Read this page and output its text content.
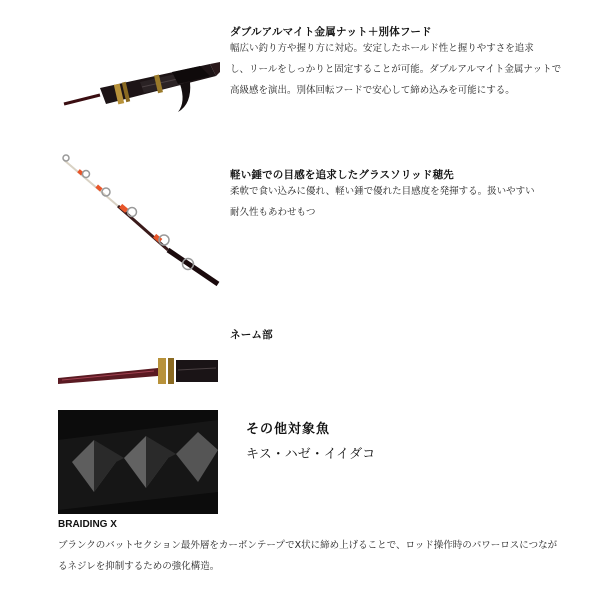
ダブルアルマイト金属ナット＋別体フード
幅広い釣り方や握り方に対応。安定したホールド性と握りやすさを追求
し、リールをしっかりと固定することが可能。ダブルアルマイト金属ナットで
高級感を演出。別体回転フードで安心して締め込みを可能にする。
軽い錘での目感を追求したグラスソリッド穂先
柔軟で食い込みに優れ、軽い錘で優れた目感度を発揮する。扱いやすい
耐久性もあわせもつ
ネーム部
その他対象魚
キス・ハゼ・イイダコ
BRAIDING X
ブランクのバットセクション最外層をカーボンテープでX状に締め上げることで、ロッド操作時のパワーロスにつなが
るネジレを抑制するための強化構造。
